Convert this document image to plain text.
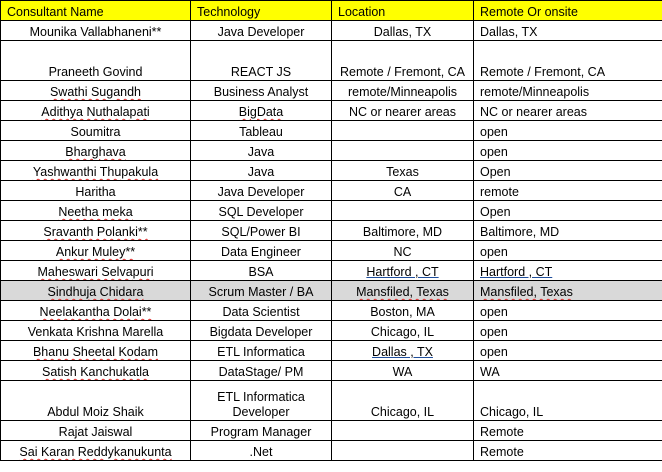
Consultant Name	Technology	Location	Remote Or onsite
Mounika Vallabhaneni**	Java Developer	Dallas, TX	Dallas, TX
Praneeth Govind	REACT JS	Remote / Fremont, CA	Remote / Fremont, CA
Swathi Sugandh	Business Analyst	remote/Minneapolis	remote/Minneapolis
Adithya Nuthalapati	BigData	NC or nearer areas	NC or nearer areas
Soumitra	Tableau		open
Bharghava	Java		open
Yashwanthi Thupakula	Java	Texas	Open
Haritha	Java Developer	CA	remote
Neetha meka	SQL Developer		Open
Sravanth Polanki**	SQL/Power BI	Baltimore, MD	Baltimore, MD
Ankur Muley**	Data Engineer	NC	open
Maheswari Selvapuri	BSA	Hartford , CT	Hartford , CT
Sindhuja Chidara	Scrum Master / BA	Mansfiled, Texas	Mansfiled, Texas
Neelakantha Dolai**	Data Scientist	Boston, MA	open
Venkata Krishna Marella	Bigdata Developer	Chicago, IL	open
Bhanu Sheetal Kodam	ETL Informatica	Dallas , TX	open
Satish Kanchukatla	DataStage/ PM	WA	WA
Abdul Moiz Shaik	ETL Informatica Developer	Chicago, IL	Chicago, IL
Rajat Jaiswal	Program Manager		Remote
Sai Karan Reddykanukunta	.Net		Remote
